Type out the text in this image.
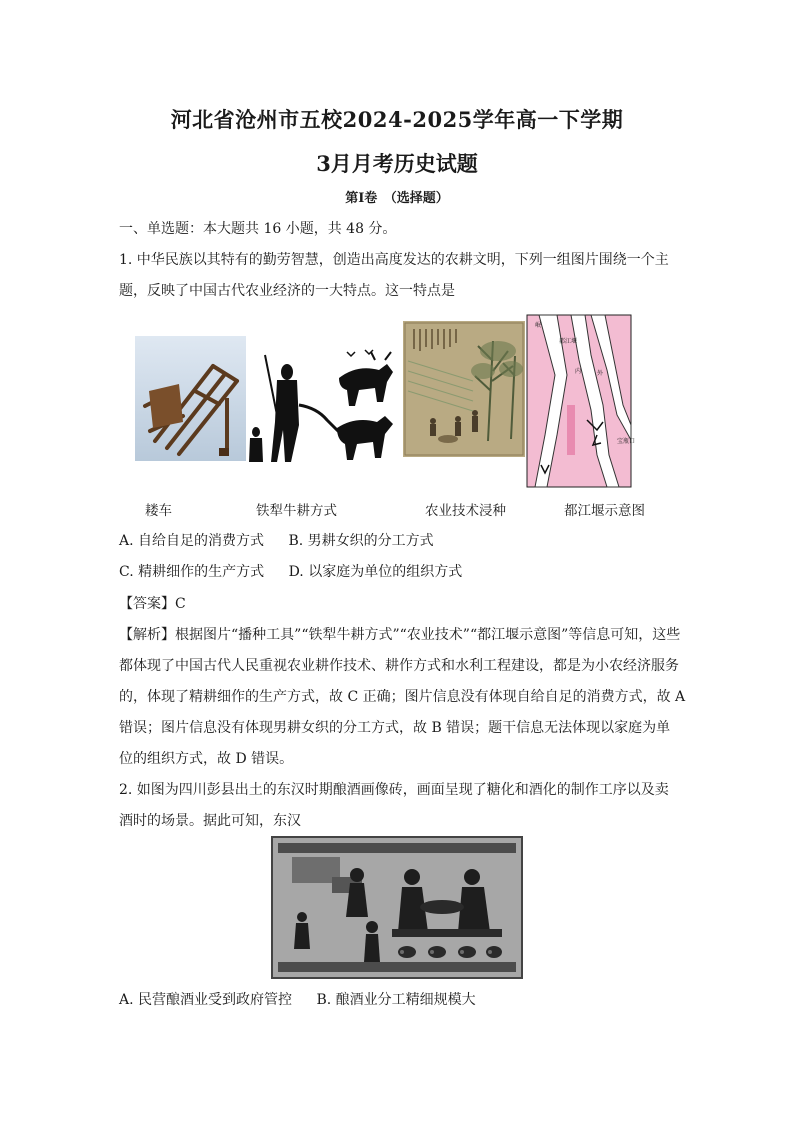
河北省沧州市五校2024-2025学年高一下学期
3月月考历史试题
第Ⅰ卷　（选择题）
一、单选题：本大题共 16 小题，共 48 分。
1. 中华民族以其特有的勤劳智慧，创造出高度发达的农耕文明，下列一组图片围绕一个主
题，反映了中国古代农业经济的一大特点。这一特点是
岷
都江堰
内	外
宝瓶口
耧车	铁犁牛耕方式	农业技术浸种	都江堰示意图
A. 自给自足的消费方式 B. 男耕女织的分工方式
C. 精耕细作的生产方式 D. 以家庭为单位的组织方式
【答案】C
【解析】根据图片“播种工具”“铁犁牛耕方式”“农业技术”“都江堰示意图”等信息可知，这些
都体现了中国古代人民重视农业耕作技术、耕作方式和水利工程建设，都是为小农经济服务
的，体现了精耕细作的生产方式，故 C 正确；图片信息没有体现自给自足的消费方式，故 A
错误；图片信息没有体现男耕女织的分工方式，故 B 错误；题干信息无法体现以家庭为单
位的组织方式，故 D 错误。
2. 如图为四川彭县出土的东汉时期酿酒画像砖，画面呈现了糖化和酒化的制作工序以及卖
酒时的场景。据此可知，东汉
A. 民营酿酒业受到政府管控 B. 酿酒业分工精细规模大
